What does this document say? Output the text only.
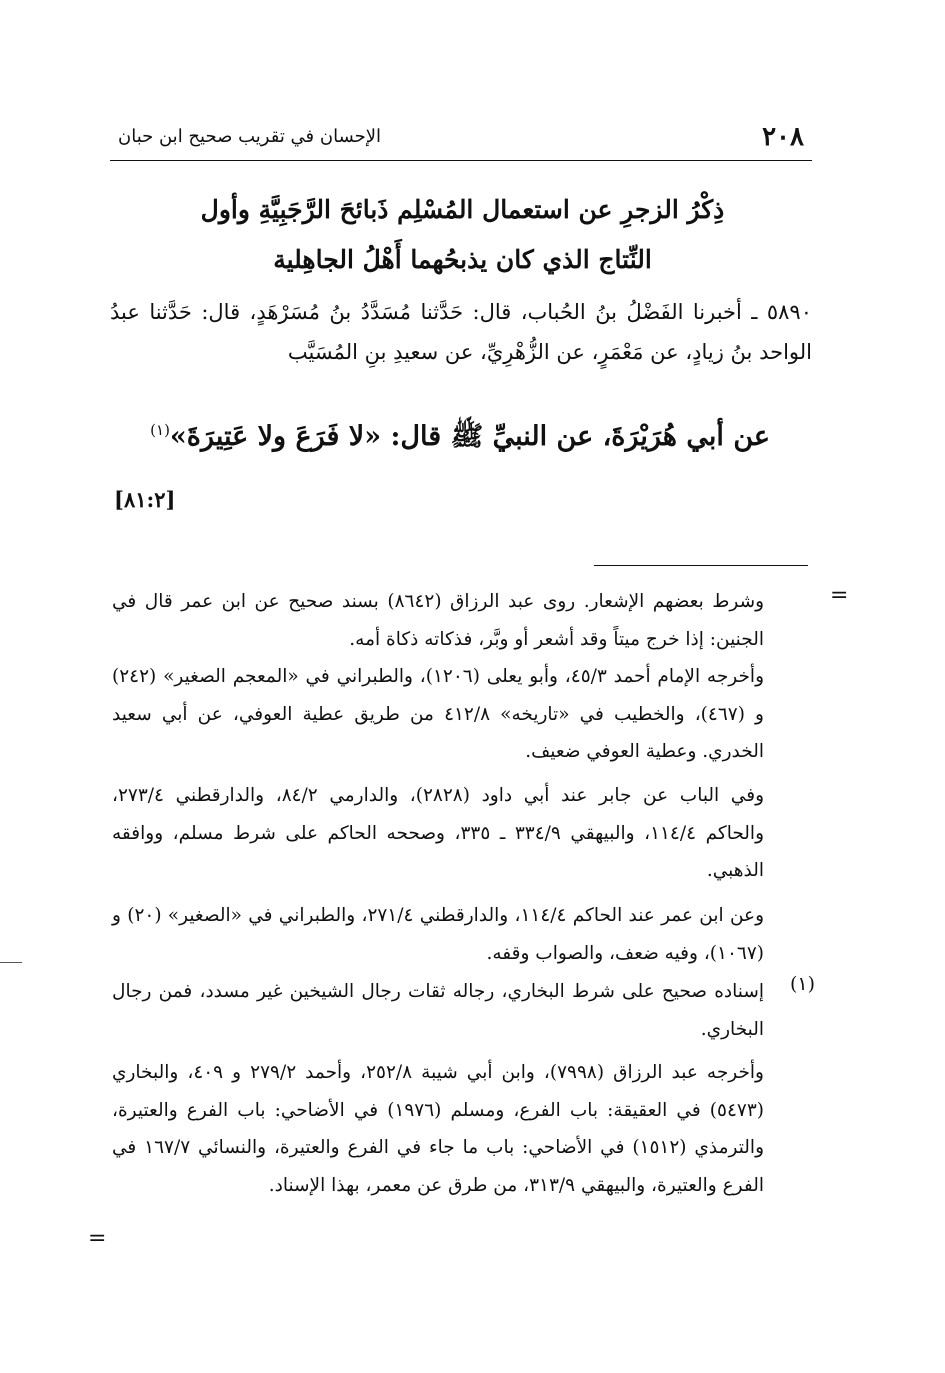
٢٠٨
الإحسان في تقريب صحيح ابن حبان
ذِكْرُ الزجرِ عن استعمال المُسْلِم ذَبائحَ الرَّجَبِيَّةِ وأول النِّتاج الذي كان يذبحُهما أَهْلُ الجاهِلية
٥٨٩٠ ـ أخبرنا الفَضْلُ بنُ الحُباب، قال: حَدَّثنا مُسَدَّدُ بنُ مُسَرْهَدٍ، قال: حَدَّثنا عبدُ الواحد بنُ زيادٍ، عن مَعْمَرٍ، عن الزُّهْرِيِّ، عن سعيدِ بنِ المُسَيَّب
عن أبي هُرَيْرَةَ، عن النبيِّ ﷺ قال: «لا فَرَعَ ولا عَتِيرَةَ»$^{(١)}$
[٨١:٢]
=
وشرط بعضهم الإشعار. روى عبد الرزاق (٨٦٤٢) بسند صحيح عن ابن عمر قال في الجنين: إذا خرج ميتاً وقد أشعر أو وبَّر، فذكاته ذكاة أمه.
وأخرجه الإمام أحمد ٤٥/٣، وأبو يعلى (١٢٠٦)، والطبراني في «المعجم الصغير» (٢٤٢) و (٤٦٧)، والخطيب في «تاريخه» ٤١٢/٨ من طريق عطية العوفي، عن أبي سعيد الخدري. وعطية العوفي ضعيف.
وفي الباب عن جابر عند أبي داود (٢٨٢٨)، والدارمي ٨٤/٢، والدارقطني ٢٧٣/٤، والحاكم ١١٤/٤، والبيهقي ٣٣٤/٩ ـ ٣٣٥، وصححه الحاكم على شرط مسلم، ووافقه الذهبي.
وعن ابن عمر عند الحاكم ١١٤/٤، والدارقطني ٢٧١/٤، والطبراني في «الصغير» (٢٠) و (١٠٦٧)، وفيه ضعف، والصواب وقفه.
(١)
إسناده صحيح على شرط البخاري، رجاله ثقات رجال الشيخين غير مسدد، فمن رجال البخاري.
وأخرجه عبد الرزاق (٧٩٩٨)، وابن أبي شيبة ٢٥٢/٨، وأحمد ٢٧٩/٢ و ٤٠٩، والبخاري (٥٤٧٣) في العقيقة: باب الفرع، ومسلم (١٩٧٦) في الأضاحي: باب الفرع والعتيرة، والترمذي (١٥١٢) في الأضاحي: باب ما جاء في الفرع والعتيرة، والنسائي ١٦٧/٧ في الفرع والعتيرة، والبيهقي ٣١٣/٩، من طرق عن معمر، بهذا الإسناد.
=
